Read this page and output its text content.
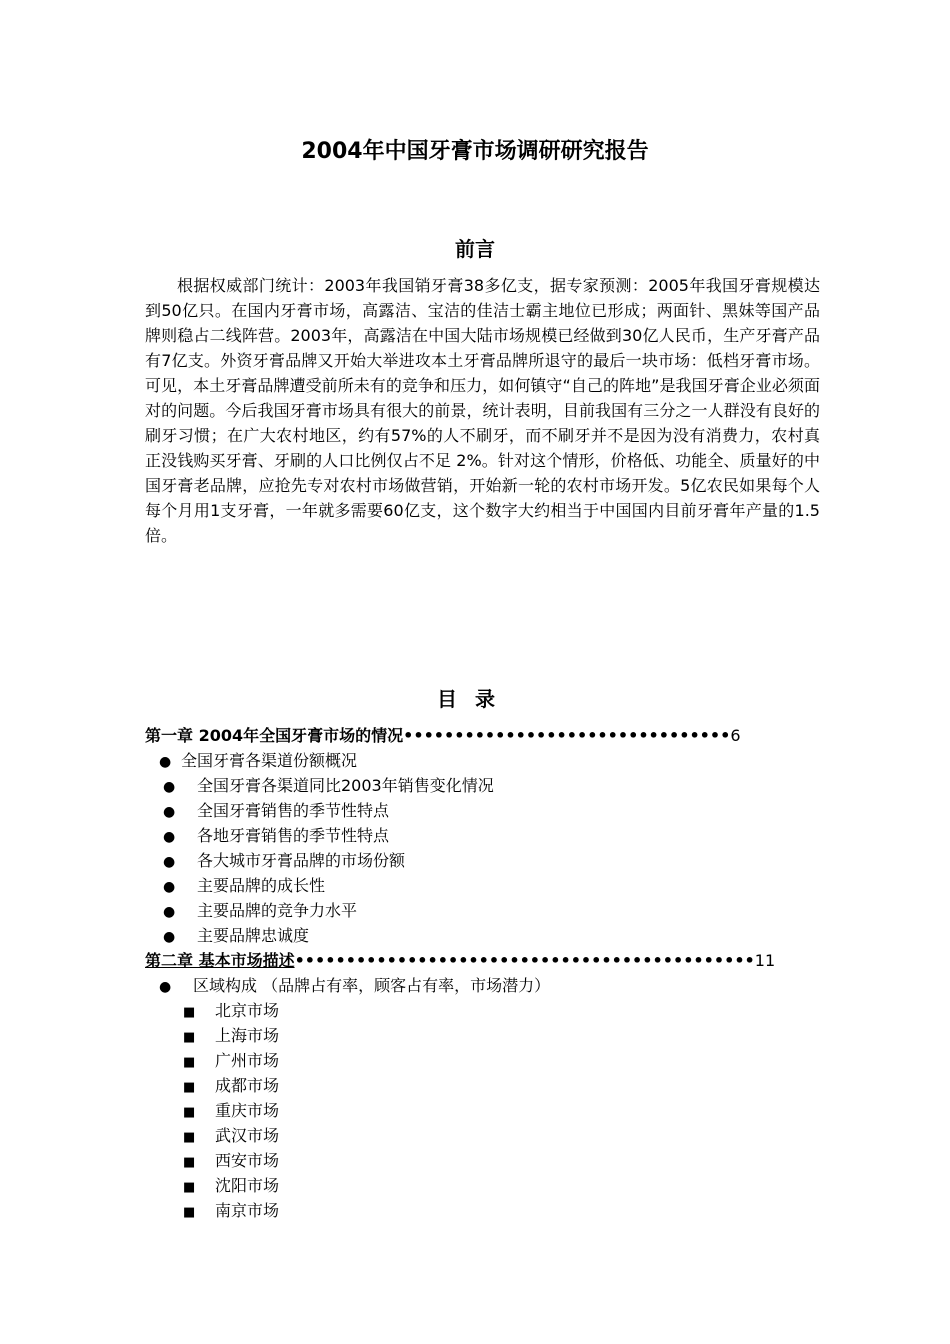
2004年中国牙膏市场调研研究报告
前言

根据权威部门统计：2003年我国销牙膏38多亿支，据专家预测：2005年我国牙膏规模达到50亿只。在国内牙膏市场，高露洁、宝洁的佳洁士霸主地位已形成；两面针、黑妹等国产品牌则稳占二线阵营。2003年，高露洁在中国大陆市场规模已经做到30亿人民币，生产牙膏产品有7亿支。外资牙膏品牌又开始大举进攻本土牙膏品牌所退守的最后一块市场：低档牙膏市场。可见，本土牙膏品牌遭受前所未有的竞争和压力，如何镇守“自己的阵地”是我国牙膏企业必须面对的问题。今后我国牙膏市场具有很大的前景，统计表明，目前我国有三分之一人群没有良好的刷牙习惯；在广大农村地区，约有57%的人不刷牙，而不刷牙并不是因为没有消费力，农村真正没钱购买牙膏、牙刷的人口比例仅占不足 2%。针对这个情形，价格低、功能全、质量好的中国牙膏老品牌，应抢先专对农村市场做营销，开始新一轮的农村市场开发。5亿农民如果每个人每个月用1支牙膏，一年就多需要60亿支，这个数字大约相当于中国国内目前牙膏年产量的1.5倍。

目录
第一章 2004年全国牙膏市场的情况••••••••••••••••••••••••••••••••6
● 全国牙膏各渠道份额概况
● 全国牙膏各渠道同比2003年销售变化情况
● 全国牙膏销售的季节性特点
● 各地牙膏销售的季节性特点
● 各大城市牙膏品牌的市场份额
● 主要品牌的成长性
● 主要品牌的竞争力水平
● 主要品牌忠诚度
第二章 基本市场描述•••••••••••••••••••••••••••••••••••••••••••••11
● 区域构成 （品牌占有率，顾客占有率，市场潜力）
■ 北京市场
■ 上海市场
■ 广州市场
■ 成都市场
■ 重庆市场
■ 武汉市场
■ 西安市场
■ 沈阳市场
■ 南京市场
